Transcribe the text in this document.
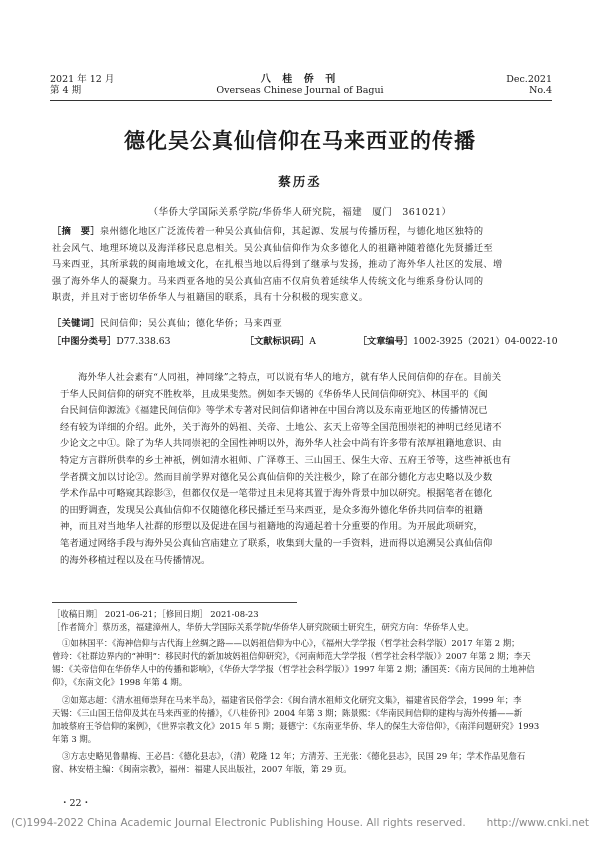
2021 年 12 月
第 4 期
八 桂 侨 刊
Overseas Chinese Journal of Bagui
Dec.2021
No.4
德化吴公真仙信仰在马来西亚的传播
蔡历丞
（华侨大学国际关系学院/华侨华人研究院，福建　厦门　361021）
［摘　要］泉州德化地区广泛流传着一种吴公真仙信仰，其起源、发展与传播历程，与德化地区独特的
社会风气、地理环境以及海洋移民息息相关。吴公真仙信仰作为众多德化人的祖籍神随着德化先贤播迁至
马来西亚，其所承载的闽南地域文化，在扎根当地以后得到了继承与发扬，推动了海外华人社区的发展、增
强了海外华人的凝聚力。马来西亚各地的吴公真仙宫庙不仅肩负着延续华人传统文化与维系身份认同的
职责，并且对于密切华侨华人与祖籍国的联系，具有十分积极的现实意义。
［关键词］民间信仰；吴公真仙；德化华侨；马来西亚
［中图分类号］D77.338.63	［文献标识码］A	［文章编号］1002-3925（2021）04-0022-10
海外华人社会素有“人同祖，神同缘”之特点，可以说有华人的地方，就有华人民间信仰的存在。目前关
于华人民间信仰的研究不胜枚举，且成果斐然。例如李天锡的《华侨华人民间信仰研究》、林国平的《闽
台民间信仰源流》《福建民间信仰》等学术专著对民间信仰诸神在中国台湾以及东南亚地区的传播情况已
经有较为详细的介绍。此外，关于海外的妈祖、关帝、土地公、玄天上帝等全国范围崇祀的神明已经见诸不
少论文之中①。除了为华人共同崇祀的全国性神明以外，海外华人社会中尚有许多带有浓厚祖籍地意识、由
特定方言群所供奉的乡土神祇，例如清水祖师、广泽尊王、三山国王、保生大帝、五府王爷等，这些神祇也有
学者撰文加以讨论②。然而目前学界对德化吴公真仙信仰的关注极少，除了在部分德化方志史略以及少数
学术作品中可略窥其踪影③，但都仅仅是一笔带过且未见将其置于海外背景中加以研究。根据笔者在德化
的田野调查，发现吴公真仙信仰不仅随德化移民播迁至马来西亚，是众多海外德化华侨共同信奉的祖籍
神，而且对当地华人社群的形塑以及促进在国与祖籍地的沟通起着十分重要的作用。为开展此项研究，
笔者通过网络手段与海外吴公真仙宫庙建立了联系，收集到大量的一手资料，进而得以追溯吴公真仙信仰
的海外移植过程以及在马传播情况。
［收稿日期］ 2021-06-21；［修回日期］ 2021-08-23
［作者简介］蔡历丞，福建漳州人，华侨大学国际关系学院/华侨华人研究院硕士研究生，研究方向：华侨华人史。
①如林国平：《海神信仰与古代海上丝绸之路——以妈祖信仰为中心》，《福州大学学报（哲学社会科学版）2017 年第 2 期；
曾玲：《社群边界内的“神明”：移民时代的新加坡妈祖信仰研究》，《河南师范大学学报（哲学社会科学版）》2007 年第 2 期；李天
锡：《关帝信仰在华侨华人中的传播和影响》，《华侨大学学报（哲学社会科学版）》1997 年第 2 期；潘国英：《南方民间的土地神信
仰》，《东南文化》1998 年第 4 期。
②如郑志超：《清水祖师崇拜在马来半岛》，福建省民俗学会：《闽台清水祖师文化研究文集》，福建省民俗学会，1999 年；李
天锡：《三山国王信仰及其在马来西亚的传播》，《八桂侨刊》2004 年第 3 期；陈景熙：《华南民间信仰的建构与海外传播——新
加坡蔡府王爷信仰的案例》，《世界宗教文化》2015 年 5 期；聂德宁：《东南亚华侨、华人的保生大帝信仰》，《南洋问题研究》1993
年第 3 期。
③方志史略见鲁鼎梅、王必昌：《德化县志》，（清）乾隆 12 年；方清芳、王光张：《德化县志》，民国 29 年；学术作品见詹石
窗、林安梧主编：《闽南宗教》，福州：福建人民出版社，2007 年版，第 29 页。
・22・
(C)1994-2022 China Academic Journal Electronic Publishing House. All rights reserved.　　http://www.cnki.net
